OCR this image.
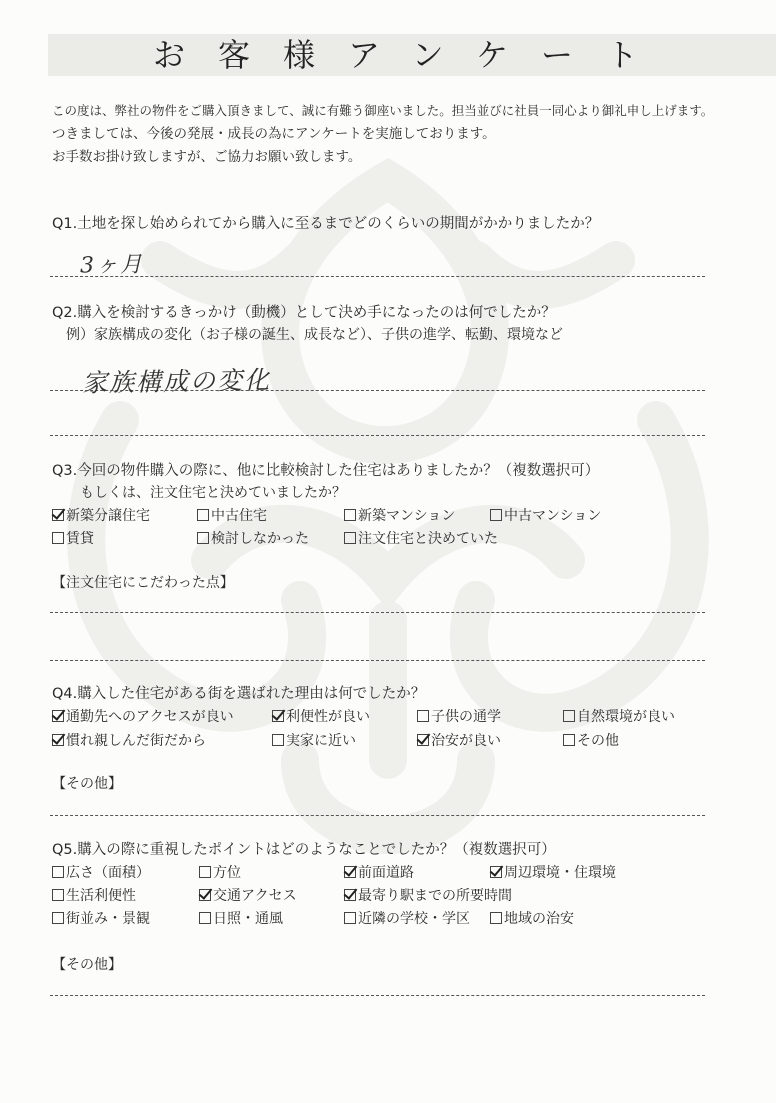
お客様アンケート
この度は、弊社の物件をご購入頂きまして、誠に有難う御座いました。担当並びに社員一同心より御礼申し上げます。
つきましては、今後の発展・成長の為にアンケートを実施しております。
お手数お掛け致しますが、ご協力お願い致します。
Q1.土地を探し始められてから購入に至るまでどのくらいの期間がかかりましたか？
3ヶ月
Q2.購入を検討するきっかけ（動機）として決め手になったのは何でしたか？
例）家族構成の変化（お子様の誕生、成長など）、子供の進学、転勤、環境など
家族構成の変化
Q3.今回の物件購入の際に、他に比較検討した住宅はありましたか？（複数選択可）
もしくは、注文住宅と決めていましたか？
新築分譲住宅	中古住宅	新築マンション	中古マンション
賃貸	検討しなかった	注文住宅と決めていた
【注文住宅にこだわった点】
Q4.購入した住宅がある街を選ばれた理由は何でしたか？
通勤先へのアクセスが良い	利便性が良い	子供の通学	自然環境が良い
慣れ親しんだ街だから	実家に近い	治安が良い	その他
【その他】
Q5.購入の際に重視したポイントはどのようなことでしたか？（複数選択可）
広さ（面積）	方位	前面道路	周辺環境・住環境
生活利便性	交通アクセス	最寄り駅までの所要時間
街並み・景観	日照・通風	近隣の学校・学区	地域の治安
【その他】
